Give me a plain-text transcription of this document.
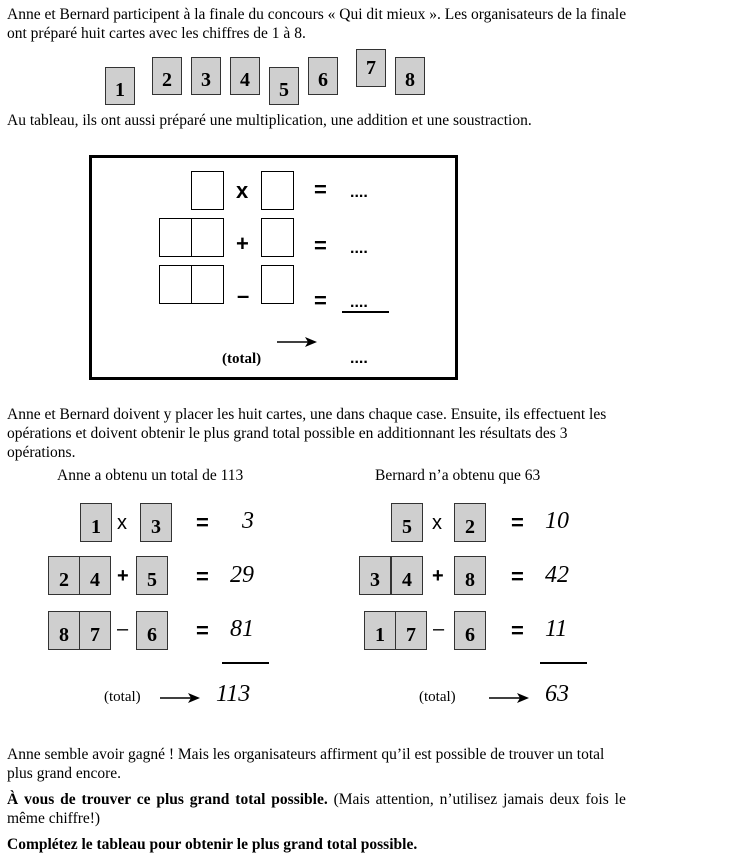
Anne et Bernard participent à la finale du concours « Qui dit mieux ». Les organisateurs de la finale

ont préparé huit cartes avec les chiffres de 1 à 8.

1	2	3	4	5	6
7
8

Au tableau, ils ont aussi préparé une multiplication, une addition et une soustraction.

x	= ....
+	= ....
–	= ....
(total)	....

Anne et Bernard doivent y placer les huit cartes, une dans chaque case. Ensuite, ils effectuent les

opérations et doivent obtenir le plus grand total possible en additionnant les résultats des 3

opérations.

Anne a obtenu un total de 113

1 x	3	= 3
2	4 + 5	= 29
8	7 – 6	= 81
(total)	113

Bernard n’a obtenu que 63

5	x	2	= 10
3	4	+	8	= 42
1	7 –	6	= 11
(total)	63

Anne semble avoir gagné ! Mais les organisateurs affirment qu’il est possible de trouver un total

plus grand encore.

À vous de trouver ce plus grand total possible. (Mais attention, n’utilisez jamais deux fois le

même chiffre!)

Complétez le tableau pour obtenir le plus grand total possible.
